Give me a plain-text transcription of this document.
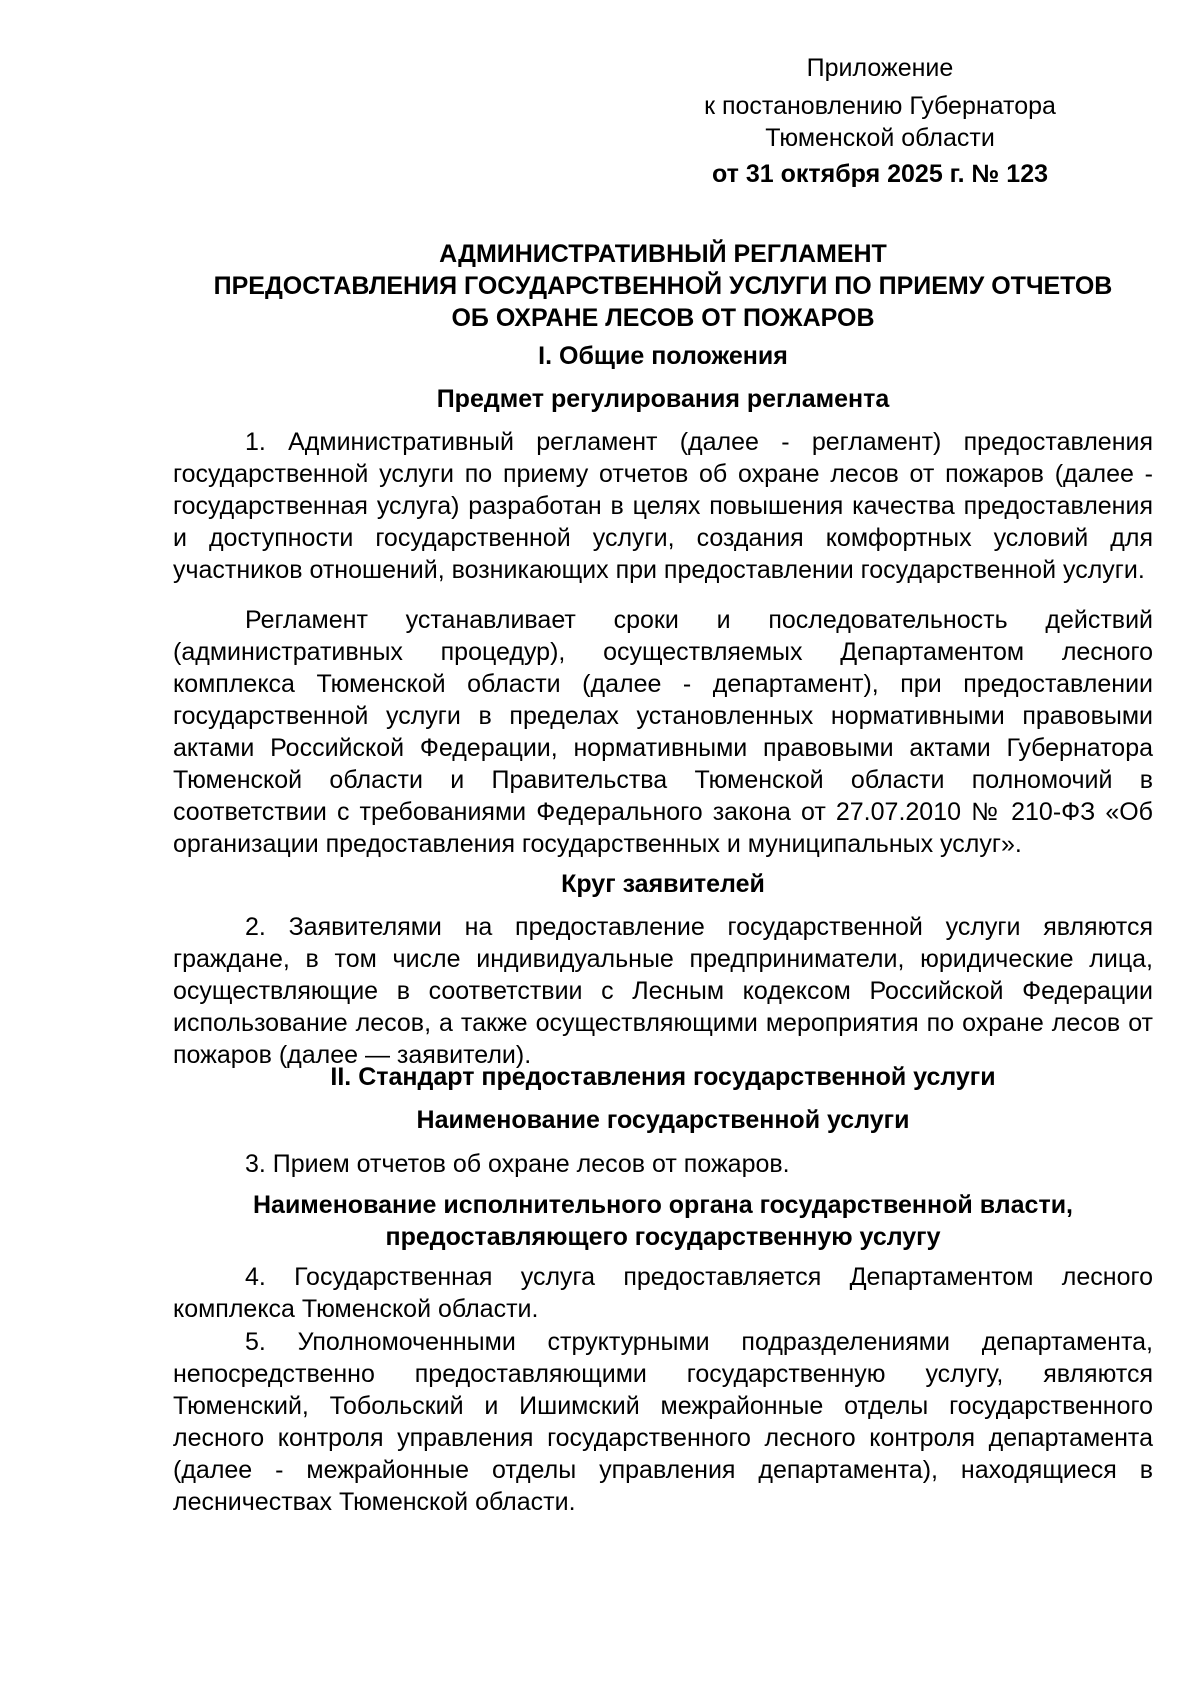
Приложение
к постановлению Губернатора
Тюменской области
от 31 октября 2025 г. № 123
АДМИНИСТРАТИВНЫЙ РЕГЛАМЕНТ
ПРЕДОСТАВЛЕНИЯ ГОСУДАРСТВЕННОЙ УСЛУГИ ПО ПРИЕМУ ОТЧЕТОВ
ОБ ОХРАНЕ ЛЕСОВ ОТ ПОЖАРОВ
I. Общие положения
Предмет регулирования регламента

1. Административный регламент (далее - регламент) предоставления государственной услуги по приему отчетов об охране лесов от пожаров (далее - государственная услуга) разработан в целях повышения качества предоставления и доступности государственной услуги, создания комфортных условий для участников отношений, возникающих при предоставлении государственной услуги.

Регламент устанавливает сроки и последовательность действий (административных процедур), осуществляемых Департаментом лесного комплекса Тюменской области (далее - департамент), при предоставлении государственной услуги в пределах установленных нормативными правовыми актами Российской Федерации, нормативными правовыми актами Губернатора Тюменской области и Правительства Тюменской области полномочий в соответствии с требованиями Федерального закона от 27.07.2010 № 210-ФЗ «Об организации предоставления государственных и муниципальных услуг».

Круг заявителей

2. Заявителями на предоставление государственной услуги являются граждане, в том числе индивидуальные предприниматели, юридические лица, осуществляющие в соответствии с Лесным кодексом Российской Федерации использование лесов, а также осуществляющими мероприятия по охране лесов от пожаров (далее — заявители).

II. Стандарт предоставления государственной услуги
Наименование государственной услуги

3. Прием отчетов об охране лесов от пожаров.

Наименование исполнительного органа государственной власти,
предоставляющего государственную услугу

4. Государственная услуга предоставляется Департаментом лесного комплекса Тюменской области.

5. Уполномоченными структурными подразделениями департамента, непосредственно предоставляющими государственную услугу, являются Тюменский, Тобольский и Ишимский межрайонные отделы государственного лесного контроля управления государственного лесного контроля департамента (далее - межрайонные отделы управления департамента), находящиеся в лесничествах Тюменской области.
